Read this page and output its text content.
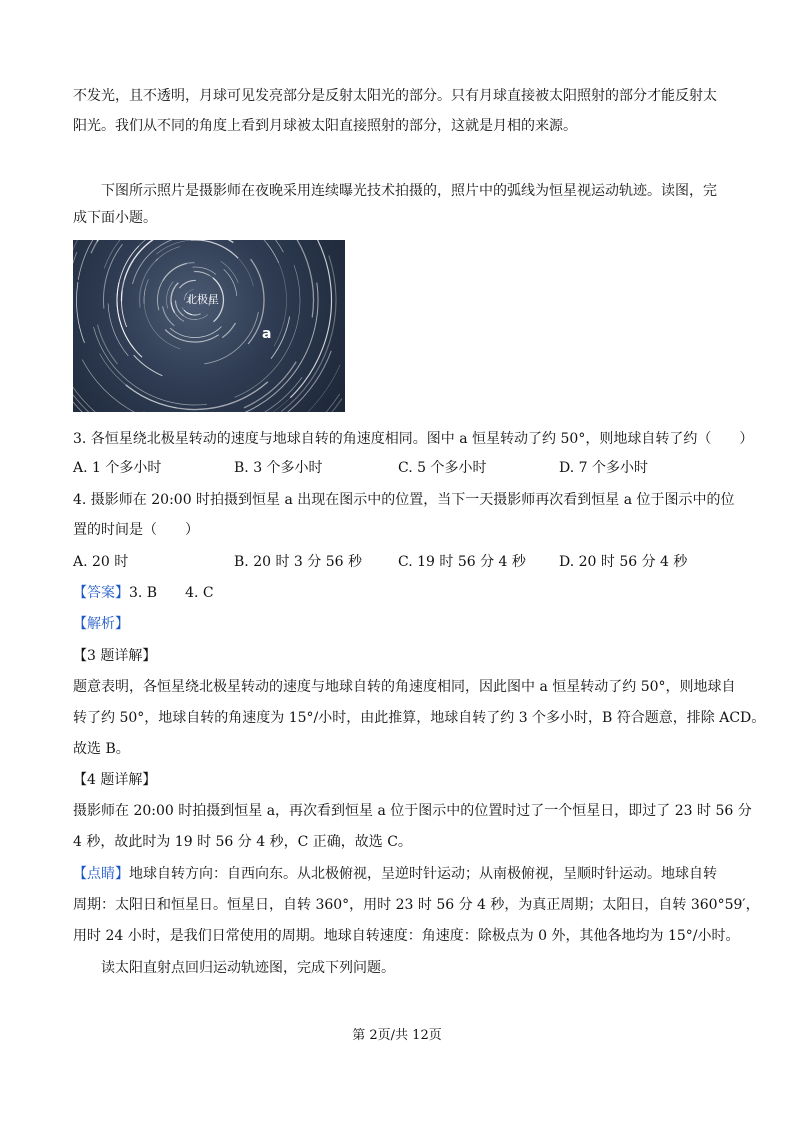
不发光，且不透明，月球可见发亮部分是反射太阳光的部分。只有月球直接被太阳照射的部分才能反射太
阳光。我们从不同的角度上看到月球被太阳直接照射的部分，这就是月相的来源。
下图所示照片是摄影师在夜晚采用连续曝光技术拍摄的，照片中的弧线为恒星视运动轨迹。读图，完
成下面小题。
北极星
a
3. 各恒星绕北极星转动的速度与地球自转的角速度相同。图中 a 恒星转动了约 50°，则地球自转了约（　　）
A. 1 个多小时	B. 3 个多小时	C. 5 个多小时	D. 7 个多小时
4. 摄影师在 20:00 时拍摄到恒星 a 出现在图示中的位置，当下一天摄影师再次看到恒星 a 位于图示中的位
置的时间是（　　）
A. 20 时	B. 20 时 3 分 56 秒	C. 19 时 56 分 4 秒 D. 20 时 56 分 4 秒
【答案】3. B　　4. C
【解析】
【3 题详解】
题意表明，各恒星绕北极星转动的速度与地球自转的角速度相同，因此图中 a 恒星转动了约 50°，则地球自
转了约 50°，地球自转的角速度为 15°/小时，由此推算，地球自转了约 3 个多小时，B 符合题意，排除 ACD。
故选 B。
【4 题详解】
摄影师在 20:00 时拍摄到恒星 a，再次看到恒星 a 位于图示中的位置时过了一个恒星日，即过了 23 时 56 分
4 秒，故此时为 19 时 56 分 4 秒，C 正确，故选 C。
【点睛】地球自转方向：自西向东。从北极俯视，呈逆时针运动；从南极俯视，呈顺时针运动。地球自转
周期：太阳日和恒星日。恒星日，自转 360°，用时 23 时 56 分 4 秒，为真正周期；太阳日，自转 360°59′，
用时 24 小时，是我们日常使用的周期。地球自转速度：角速度：除极点为 0 外，其他各地均为 15°/小时。
读太阳直射点回归运动轨迹图，完成下列问题。
第 2页/共 12页
